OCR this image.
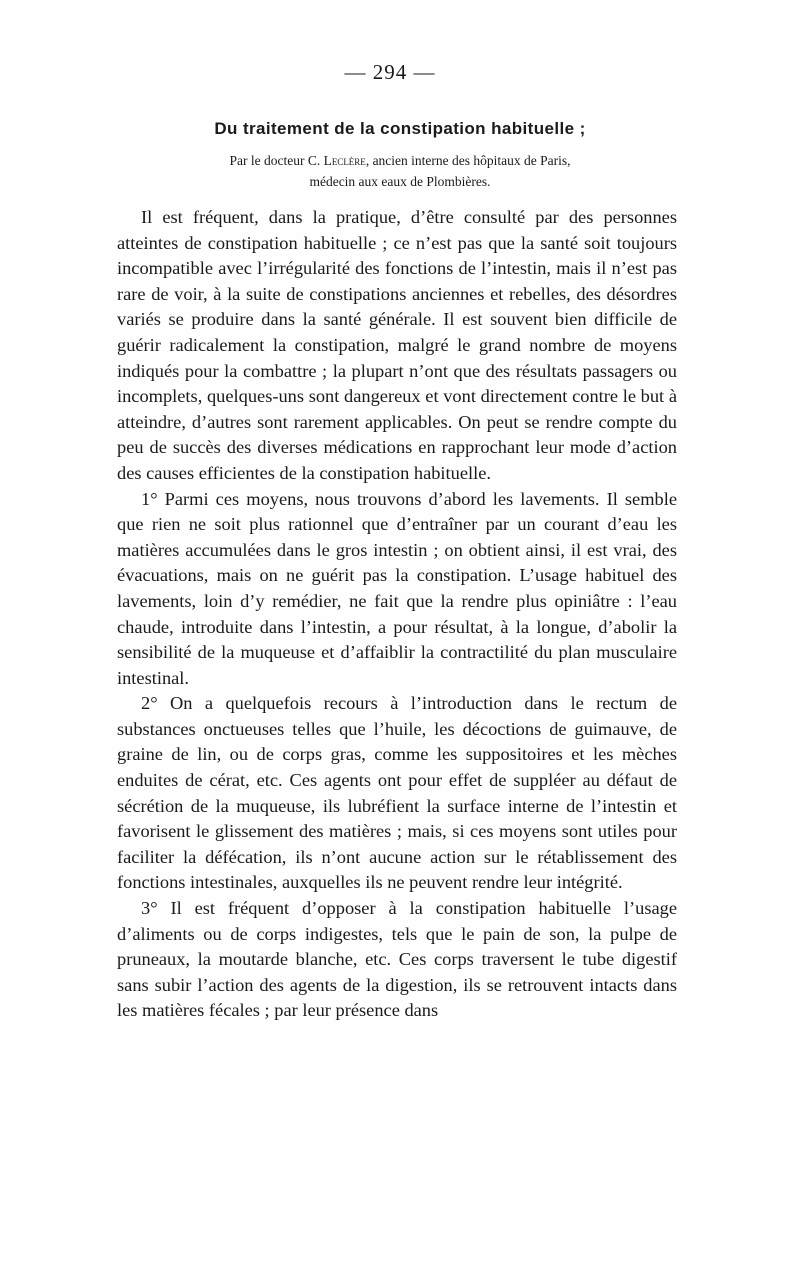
— 294 —
Du traitement de la constipation habituelle ;
Par le docteur C. Leclère, ancien interne des hôpitaux de Paris,
médecin aux eaux de Plombières.

Il est fréquent, dans la pratique, d’être consulté par des personnes atteintes de constipation habituelle ; ce n’est pas que la santé soit toujours incompatible avec l’irrégularité des fonctions de l’intestin, mais il n’est pas rare de voir, à la suite de constipations anciennes et rebelles, des désordres variés se produire dans la santé générale. Il est souvent bien difficile de guérir radicalement la constipation, malgré le grand nombre de moyens indiqués pour la combattre ; la plupart n’ont que des résultats passagers ou incomplets, quelques-uns sont dangereux et vont directement contre le but à atteindre, d’autres sont rarement applicables. On peut se rendre compte du peu de succès des diverses médications en rapprochant leur mode d’action des causes efficientes de la constipation habituelle.

1° Parmi ces moyens, nous trouvons d’abord les lavements. Il semble que rien ne soit plus rationnel que d’entraîner par un courant d’eau les matières accumulées dans le gros intestin ; on obtient ainsi, il est vrai, des évacuations, mais on ne guérit pas la constipation. L’usage habituel des lavements, loin d’y remédier, ne fait que la rendre plus opiniâtre : l’eau chaude, introduite dans l’intestin, a pour résultat, à la longue, d’abolir la sensibilité de la muqueuse et d’affaiblir la contractilité du plan musculaire intestinal.

2° On a quelquefois recours à l’introduction dans le rectum de substances onctueuses telles que l’huile, les décoctions de guimauve, de graine de lin, ou de corps gras, comme les suppositoires et les mèches enduites de cérat, etc. Ces agents ont pour effet de suppléer au défaut de sécrétion de la muqueuse, ils lubréfient la surface interne de l’intestin et favorisent le glissement des matières ; mais, si ces moyens sont utiles pour faciliter la défécation, ils n’ont aucune action sur le rétablissement des fonctions intestinales, auxquelles ils ne peuvent rendre leur intégrité.

3° Il est fréquent d’opposer à la constipation habituelle l’usage d’aliments ou de corps indigestes, tels que le pain de son, la pulpe de pruneaux, la moutarde blanche, etc. Ces corps traversent le tube digestif sans subir l’action des agents de la digestion, ils se retrouvent intacts dans les matières fécales ; par leur présence dans
